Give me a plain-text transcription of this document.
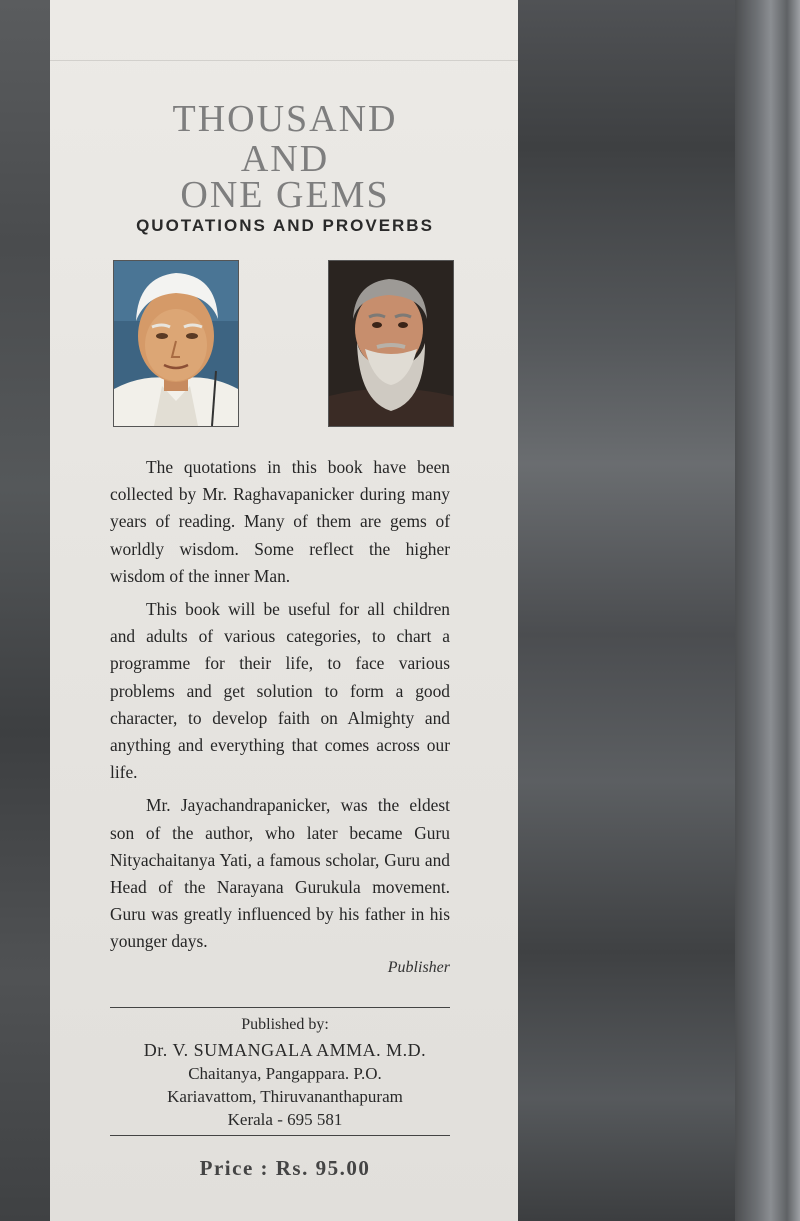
THOUSAND
AND
ONE GEMS
QUOTATIONS AND PROVERBS

The quotations in this book have been collected by Mr. Raghavapanicker during many years of reading. Many of them are gems of worldly wisdom. Some reflect the higher wisdom of the inner Man.

This book will be useful for all children and adults of various categories, to chart a programme for their life, to face various problems and get solution to form a good character, to develop faith on Almighty and anything and everything that comes across our life.

Mr. Jayachandrapanicker, was the eldest son of the author, who later became Guru Nityachaitanya Yati, a famous scholar, Guru and Head of the Narayana Gurukula movement. Guru was greatly influenced by his father in his younger days.

Publisher
Published by:
Dr. V. SUMANGALA AMMA. M.D.
Chaitanya, Pangappara. P.O.
Kariavattom, Thiruvananthapuram
Kerala - 695 581
Price : Rs. 95.00
